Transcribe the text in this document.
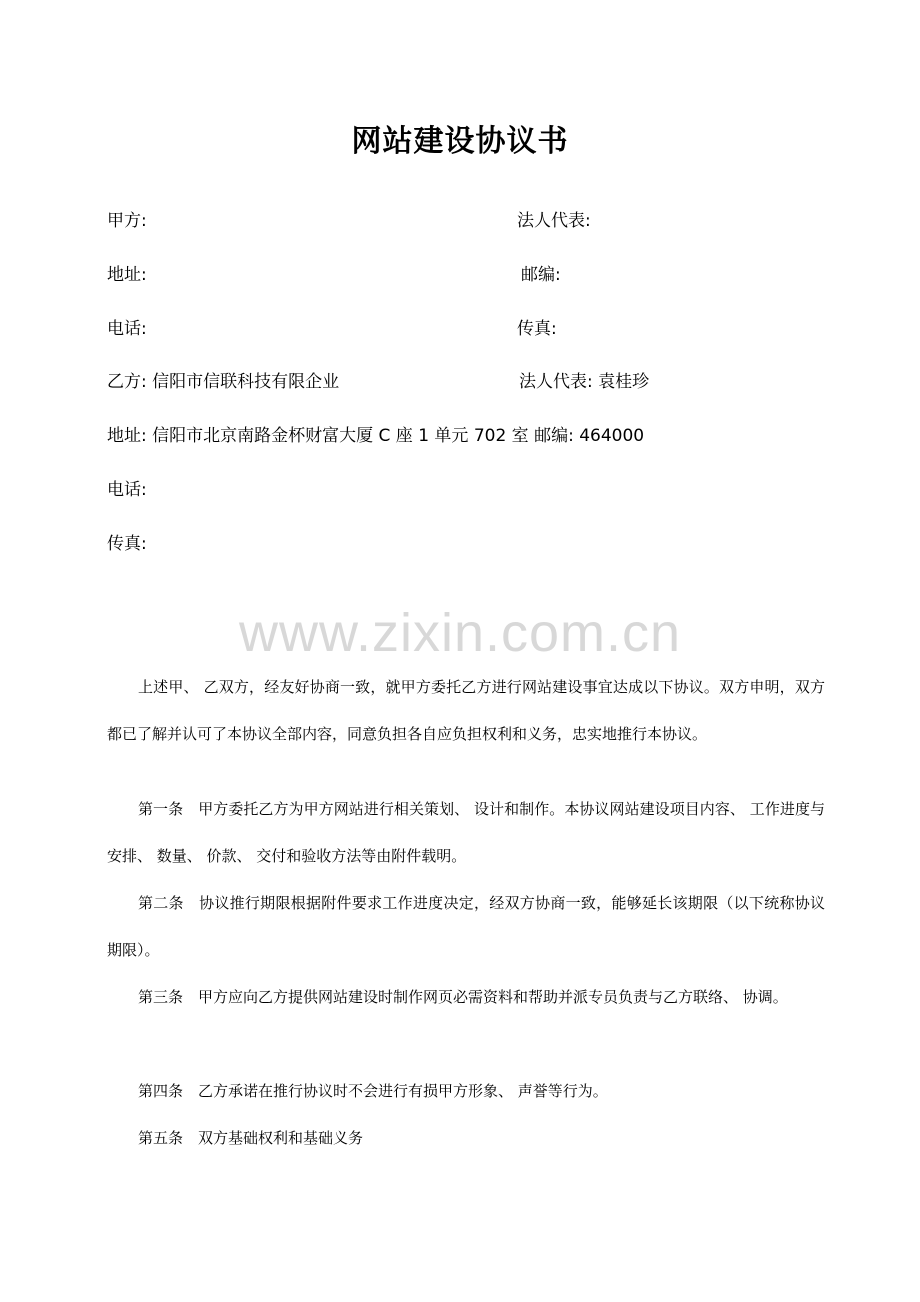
网站建设协议书
甲方:	法人代表:
地址:	邮编:
电话:	传真:
乙方: 信阳市信联科技有限企业	法人代表: 袁桂珍
地址: 信阳市北京南路金杯财富大厦 C 座 1 单元 702 室 邮编: 464000
电话:
传真:
www.zixin.com.cn
上述甲、 乙双方，经友好协商一致，就甲方委托乙方进行网站建设事宜达成以下协议。双方申明，双方都已了解并认可了本协议全部内容，同意负担各自应负担权利和义务，忠实地推行本协议。
第一条　甲方委托乙方为甲方网站进行相关策划、 设计和制作。本协议网站建设项目内容、 工作进度与安排、 数量、 价款、 交付和验收方法等由附件载明。
第二条　协议推行期限根据附件要求工作进度决定，经双方协商一致，能够延长该期限（以下统称协议期限）。
第三条　甲方应向乙方提供网站建设时制作网页必需资料和帮助并派专员负责与乙方联络、 协调。
第四条　乙方承诺在推行协议时不会进行有损甲方形象、 声誉等行为。
第五条　双方基础权利和基础义务
